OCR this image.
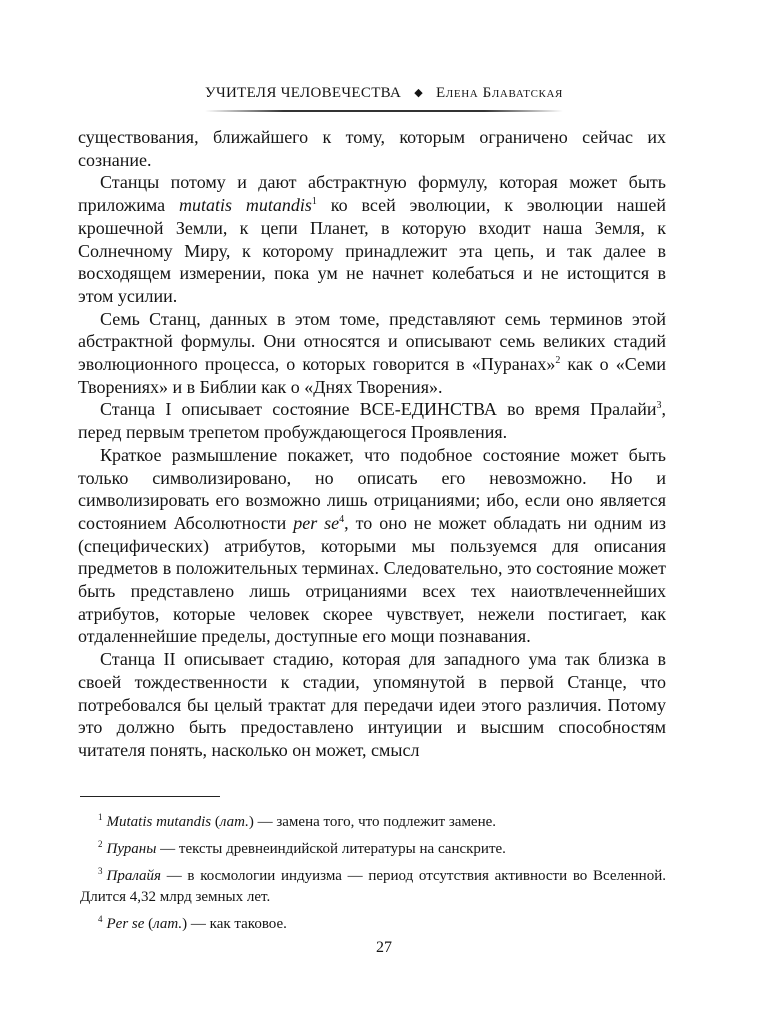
УЧИТЕЛЯ ЧЕЛОВЕЧЕСТВА ◆ Елена Блаватская

существования, ближайшего к тому, которым ограничено сейчас их сознание.

Станцы потому и дают абстрактную формулу, которая может быть приложима mutatis mutandis$^1$ ко всей эволюции, к эволюции нашей крошечной Земли, к цепи Планет, в которую входит наша Земля, к Солнечному Миру, к которому принадлежит эта цепь, и так далее в восходящем измерении, пока ум не начнет колебаться и не истощится в этом усилии.

Семь Станц, данных в этом томе, представляют семь терминов этой абстрактной формулы. Они относятся и описывают семь великих стадий эволюционного процесса, о которых говорится в «Пуранах»$^2$ как о «Семи Творениях» и в Библии как о «Днях Творения».

Станца I описывает состояние ВСЕ-ЕДИНСТВА во время Пралайи$^3$, перед первым трепетом пробуждающегося Проявления.

Краткое размышление покажет, что подобное состояние может быть только символизировано, но описать его невозможно. Но и символизировать его возможно лишь отрицаниями; ибо, если оно является состоянием Абсолютности per $se^4$, то оно не может обладать ни одним из (специфических) атрибутов, которыми мы пользуемся для описания предметов в положительных терминах. Следовательно, это состояние может быть представлено лишь отрицаниями всех тех наиотвлеченнейших атрибутов, которые человек скорее чувствует, нежели постигает, как отдаленнейшие пределы, доступные его мощи познавания.

Станца II описывает стадию, которая для западного ума так близка в своей тождественности к стадии, упомянутой в первой Станце, что потребовался бы целый трактат для передачи идеи этого различия. Потому это должно быть предоставлено интуиции и высшим способностям читателя понять, насколько он может, смысл

$^1$ Mutatis mutandis (лат.) — замена того, что подлежит замене.

$^2$ Пураны — тексты древнеиндийской литературы на санскрите.

$^3$ Пралайя — в космологии индуизма — период отсутствия активности во Вселенной. Длится 4,32 млрд земных лет.

$^4$ Per se (лат.) — как таковое.

27
